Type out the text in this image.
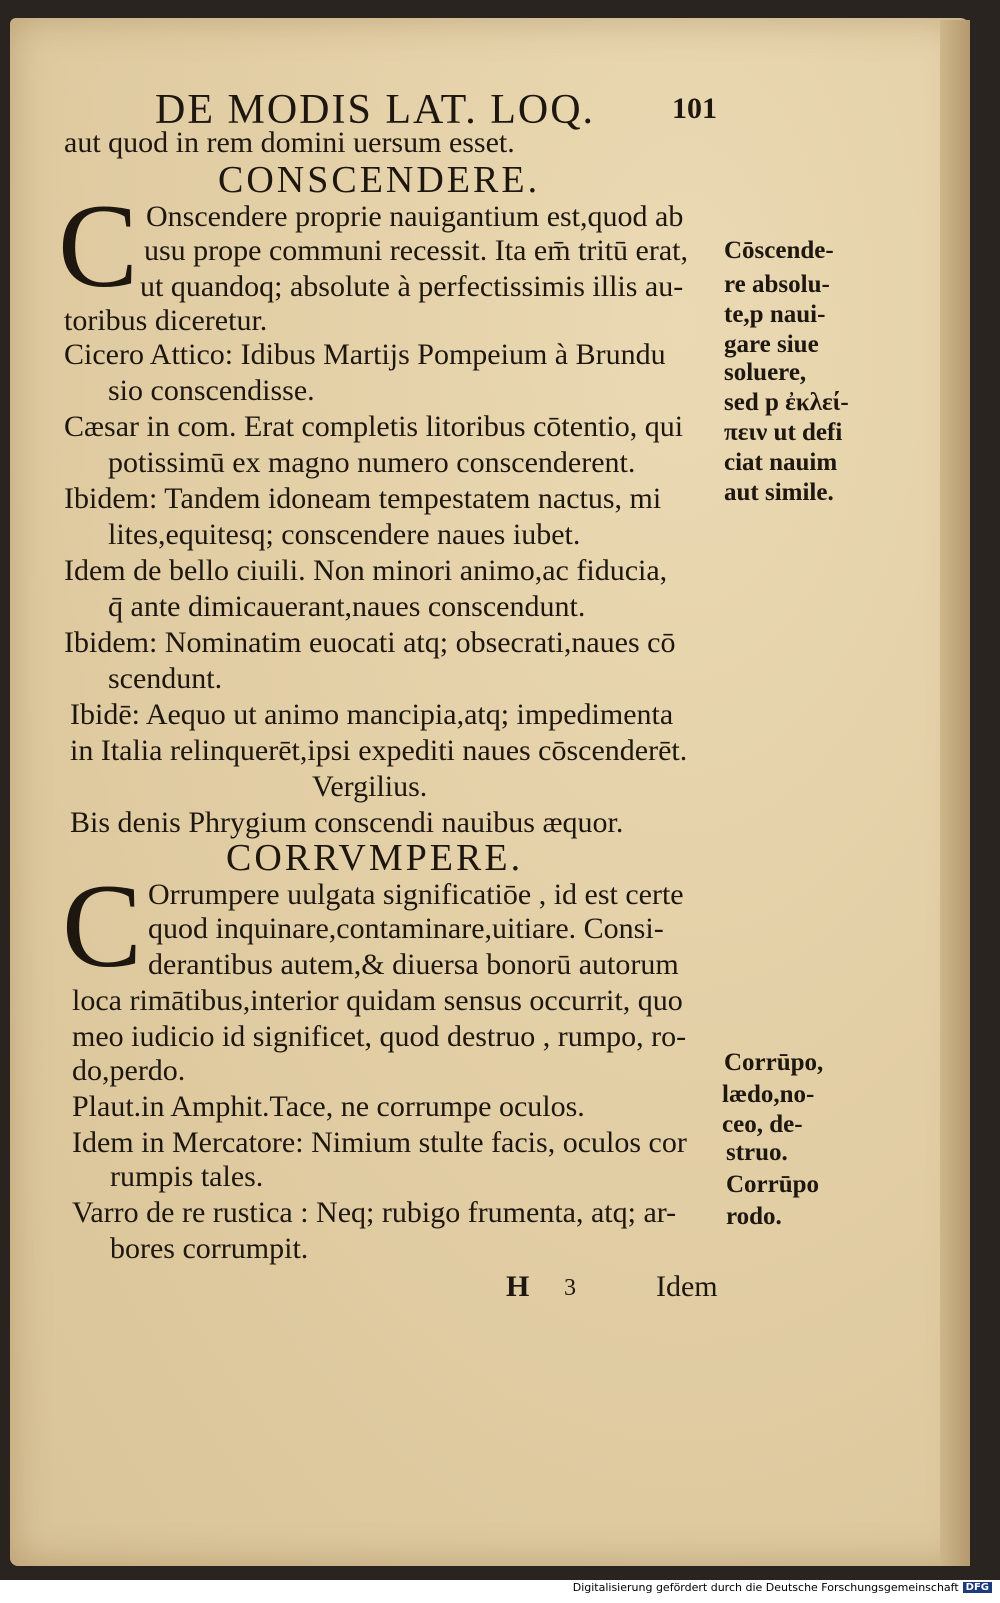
DE MODIS LAT. LOQ.	101
aut quod in rem domini uersum esset.
CONSCENDERE.
C Onscendere proprie nauigantium est,quod ab
usu prope communi recessit. Ita em̄ tritū erat,
ut quandoq; absolute à perfectissimis illis au-
toribus diceretur.
Cicero Attico: Idibus Martijs Pompeium à Brundu
sio conscendisse.
Cæsar in com. Erat completis litoribus cōtentio, qui
potissimū ex magno numero conscenderent.
Ibidem: Tandem idoneam tempestatem nactus, mi
lites,equitesq; conscendere naues iubet.
Idem de bello ciuili. Non minori animo,ac fiducia,
q̄ ante dimicauerant,naues conscendunt.
Ibidem: Nominatim euocati atq; obsecrati,naues cō
scendunt.
Ibidē: Aequo ut animo mancipia,atq; impedimenta
in Italia relinquerēt,ipsi expediti naues cōscenderēt.
Vergilius.
Bis denis Phrygium conscendi nauibus æquor.
CORRVMPERE.
C Orrumpere uulgata significatiōe , id est certe
quod inquinare,contaminare,uitiare. Consi-
derantibus autem,& diuersa bonorū autorum
loca rimātibus,interior quidam sensus occurrit, quo
meo iudicio id significet, quod destruo , rumpo, ro-
do,perdo.
Plaut.in Amphit.Tace, ne corrumpe oculos.
Idem in Mercatore: Nimium stulte facis, oculos cor
rumpis tales.
Varro de re rustica : Neq; rubigo frumenta, atq; ar-
bores corrumpit.
Cōscende-
re absolu-
te,p naui-
gare siue
soluere,
sed p ἐκλεί-
πειν ut defi
ciat nauim
aut simile.
Corrūpo,
lædo,no-
ceo, de-
struo.
Corrūpo
rodo.
H 3	Idem
Digitalisierung gefördert durch die Deutsche Forschungsgemeinschaft DFG
